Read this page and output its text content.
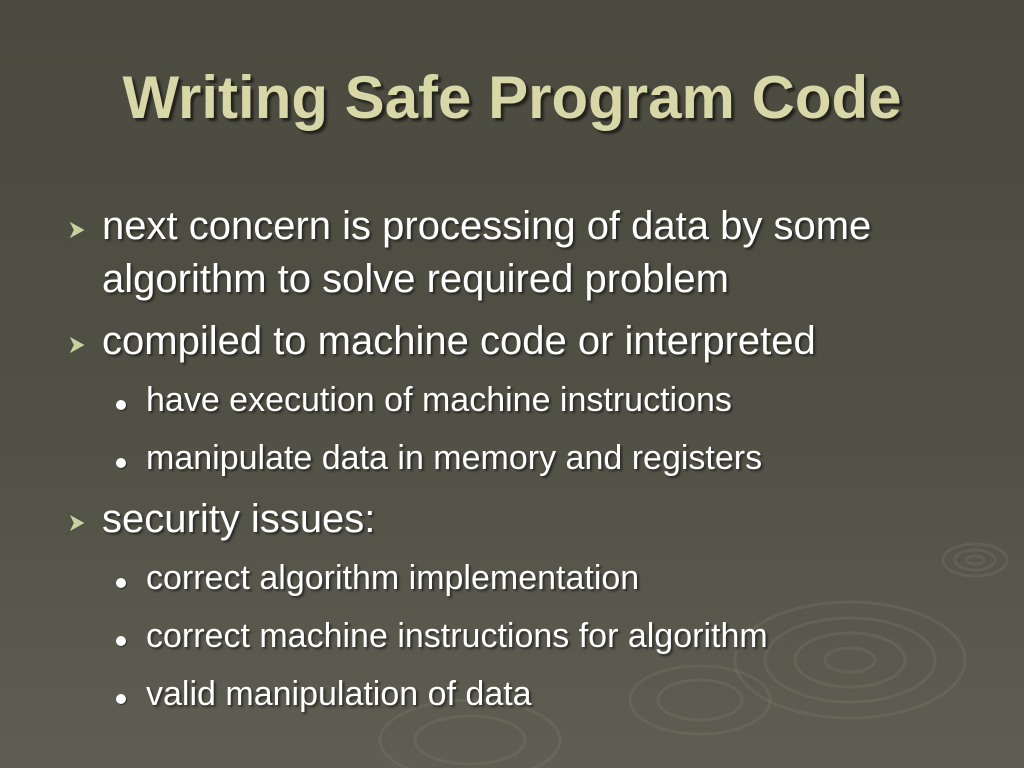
Writing Safe Program Code
next concern is processing of data by some algorithm to solve required problem
compiled to machine code or interpreted
have execution of machine instructions
manipulate data in memory and registers
security issues:
correct algorithm implementation
correct machine instructions for algorithm
valid manipulation of data
